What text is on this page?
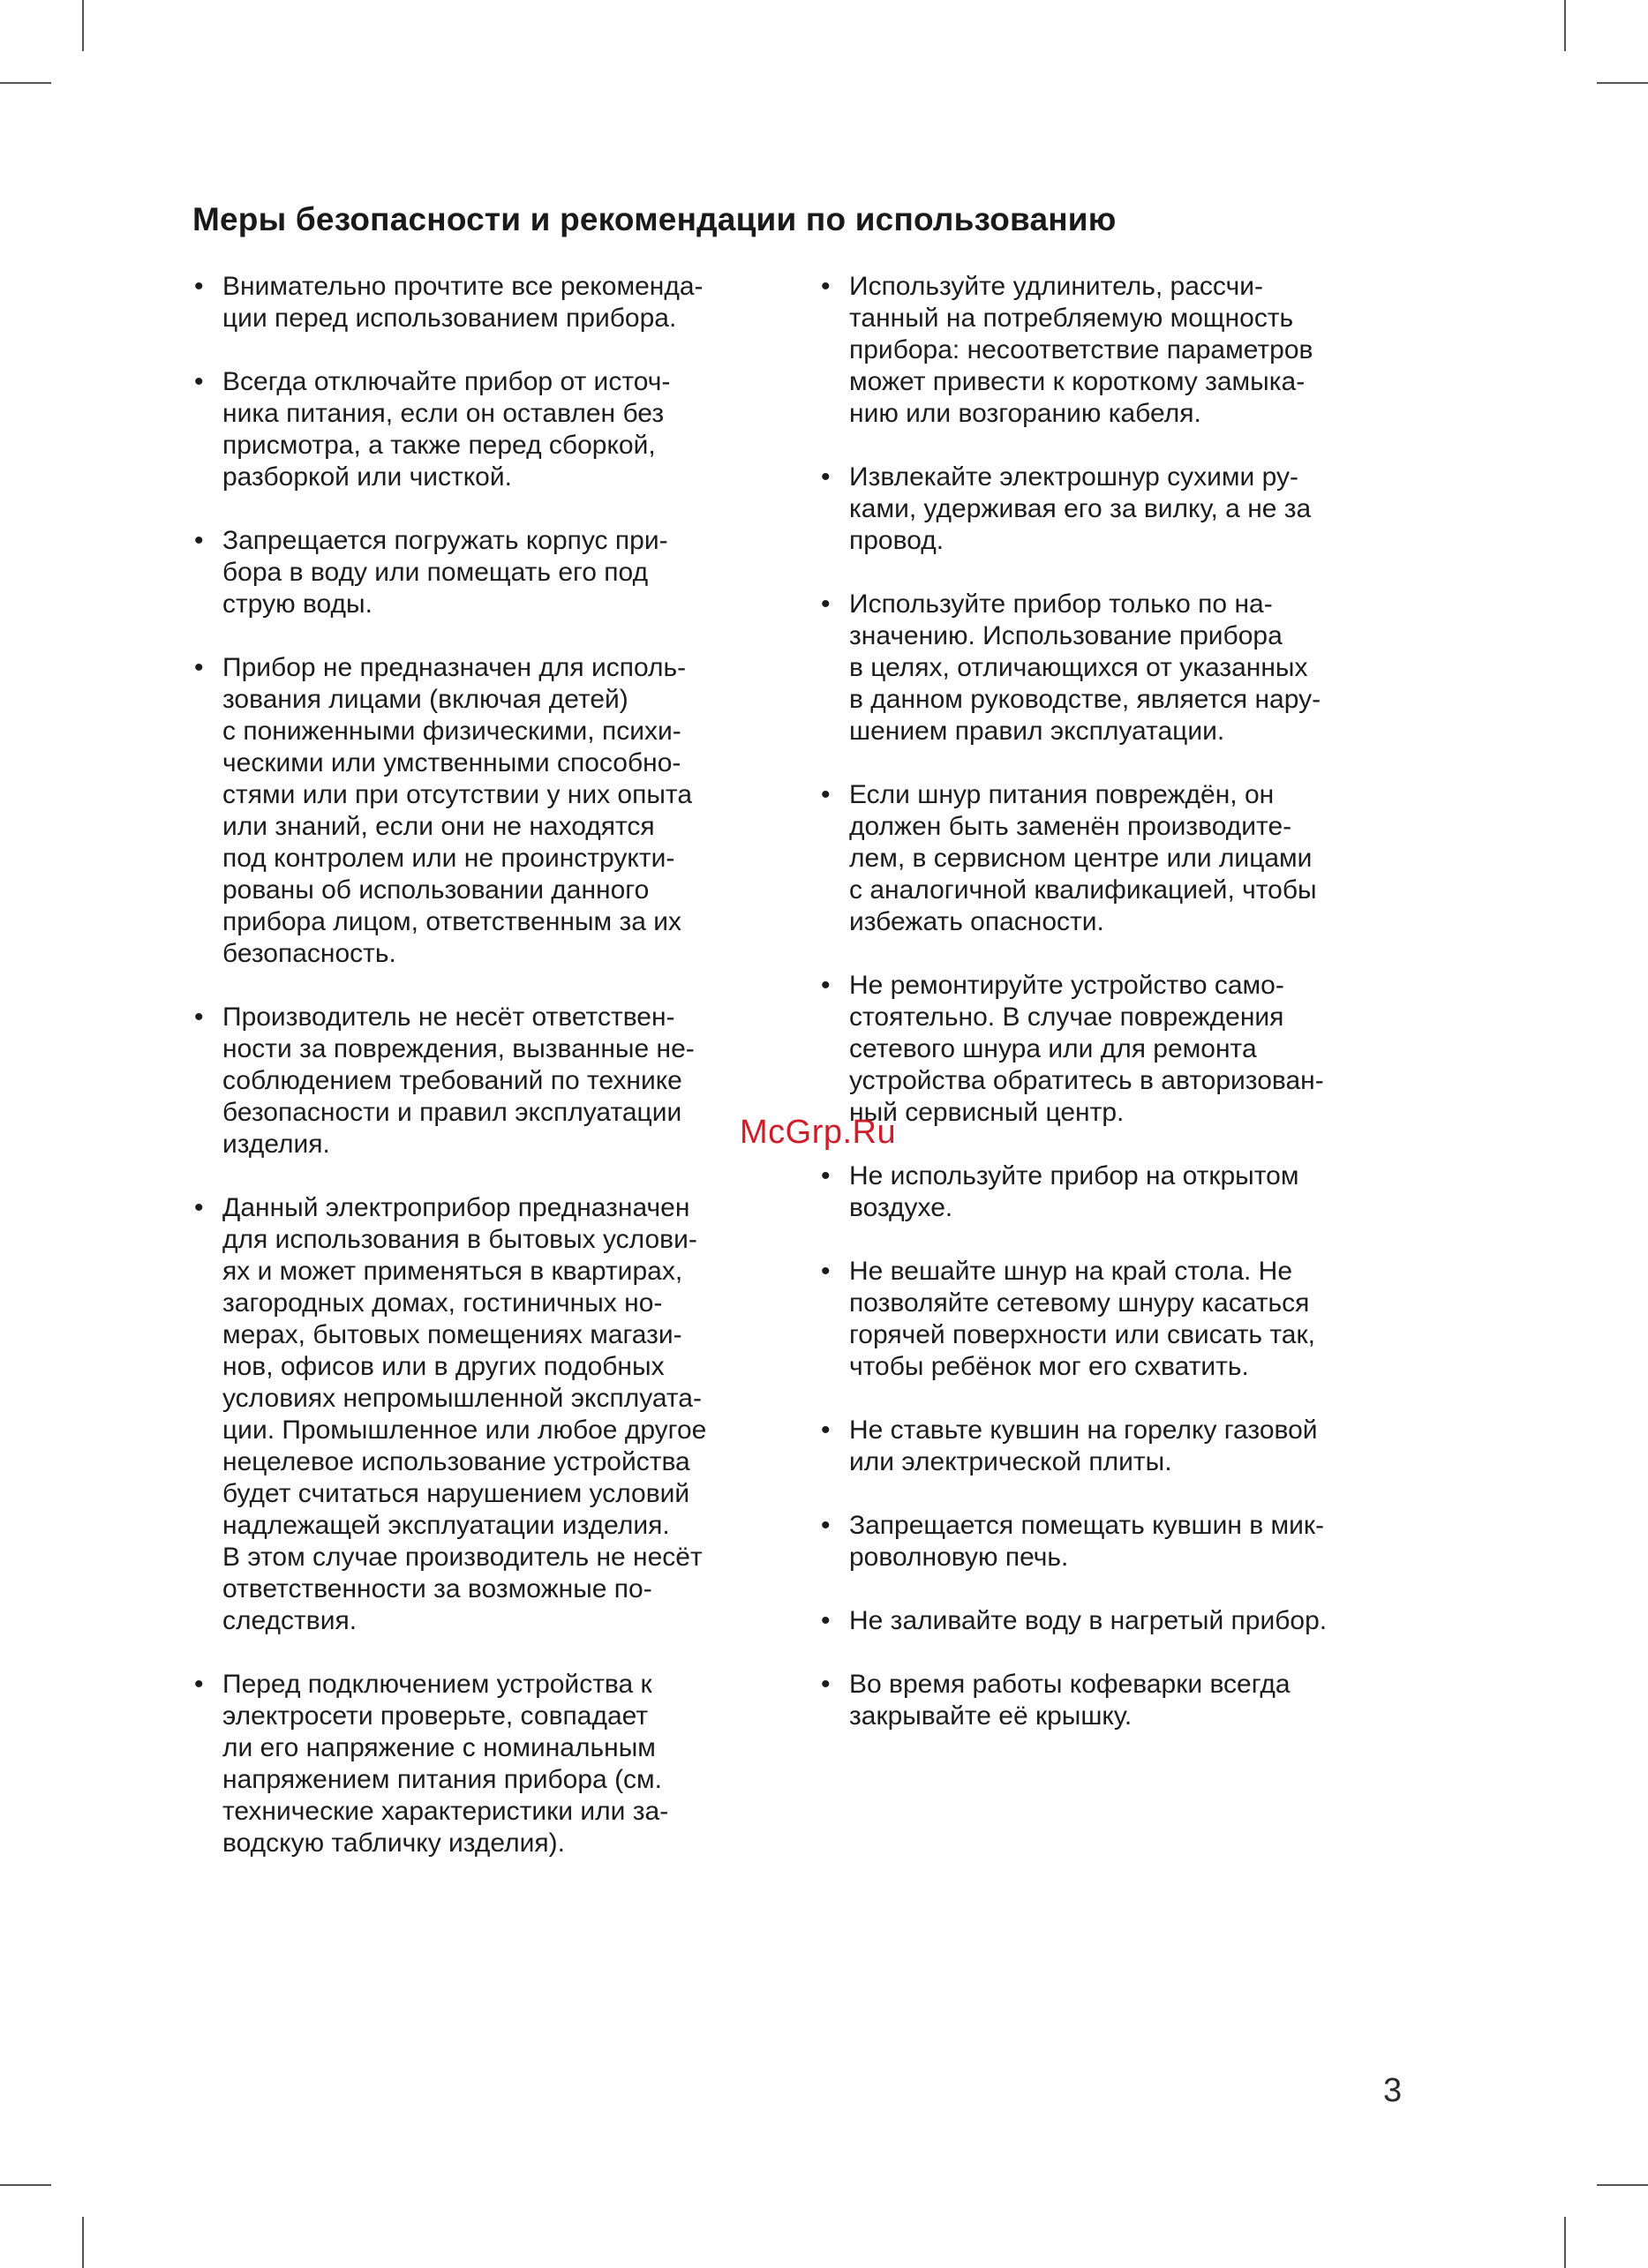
Меры безопасности и рекомендации по использованию
• Внимательно прочтите все рекоменда-
ции перед использованием прибора.
• Всегда отключайте прибор от источ-
ника питания, если он оставлен без
присмотра, а также перед сборкой,
разборкой или чисткой.
• Запрещается погружать корпус при-
бора в воду или помещать его под
струю воды.
• Прибор не предназначен для исполь-
зования лицами (включая детей)
с пониженными физическими, психи-
ческими или умственными способно-
стями или при отсутствии у них опыта
или знаний, если они не находятся
под контролем или не проинструкти-
рованы об использовании данного
прибора лицом, ответственным за их
безопасность.
• Производитель не несёт ответствен-
ности за повреждения, вызванные не-
соблюдением требований по технике
безопасности и правил эксплуатации
изделия.
• Данный электроприбор предназначен
для использования в бытовых услови-
ях и может применяться в квартирах,
загородных домах, гостиничных но-
мерах, бытовых помещениях магази-
нов, офисов или в других подобных
условиях непромышленной эксплуата-
ции. Промышленное или любое другое
нецелевое использование устройства
будет считаться нарушением условий
надлежащей эксплуатации изделия.
В этом случае производитель не несёт
ответственности за возможные по-
следствия.
• Перед подключением устройства к
электросети проверьте, совпадает
ли его напряжение с номинальным
напряжением питания прибора (см.
технические характеристики или за-
водскую табличку изделия).
• Используйте удлинитель, рассчи-
танный на потребляемую мощность
прибора: несоответствие параметров
может привести к короткому замыка-
нию или возгоранию кабеля.
• Извлекайте электрошнур сухими ру-
ками, удерживая его за вилку, а не за
провод.
• Используйте прибор только по на-
значению. Использование прибора
в целях, отличающихся от указанных
в данном руководстве, является нару-
шением правил эксплуатации.
• Если шнур питания повреждён, он
должен быть заменён производите-
лем, в сервисном центре или лицами
с аналогичной квалификацией, чтобы
избежать опасности.
• Не ремонтируйте устройство само-
стоятельно. В случае повреждения
сетевого шнура или для ремонта
устройства обратитесь в авторизован-
ный сервисный центр.
• Не используйте прибор на открытом
воздухе.
• Не вешайте шнур на край стола. Не
позволяйте сетевому шнуру касаться
горячей поверхности или свисать так,
чтобы ребёнок мог его схватить.
• Не ставьте кувшин на горелку газовой
или электрической плиты.
• Запрещается помещать кувшин в мик-
роволновую печь.
• Не заливайте воду в нагретый прибор.
• Во время работы кофеварки всегда
закрывайте её крышку.
McGrp.Ru
3
